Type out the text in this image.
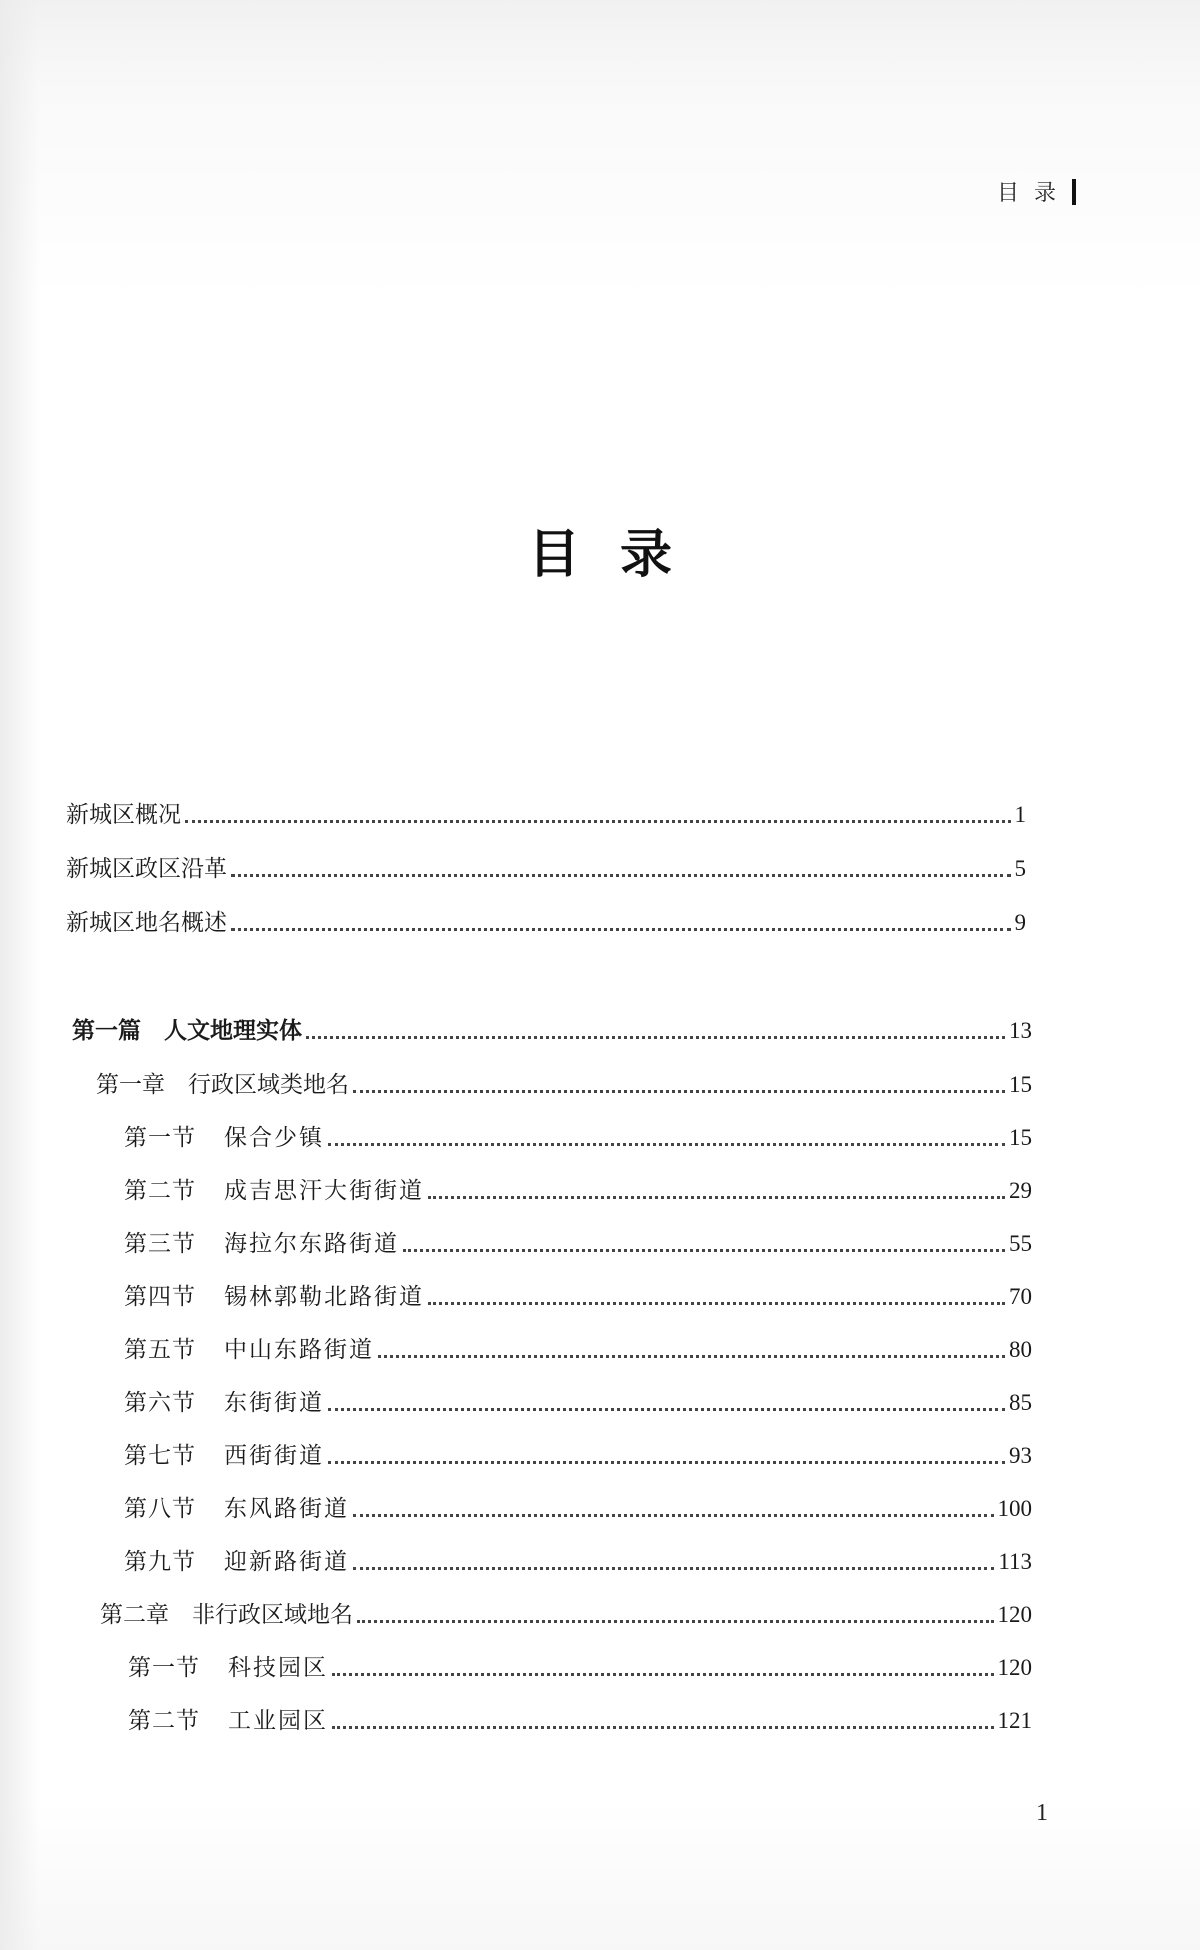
目 录
目录
新城区概况	1
新城区政区沿革	5
新城区地名概述	9
第一篇　人文地理实体	13
第一章　行政区域类地名	15
第一节 保合少镇	15
第二节 成吉思汗大街街道	29
第三节 海拉尔东路街道	55
第四节 锡林郭勒北路街道	70
第五节 中山东路街道	80
第六节 东街街道	85
第七节 西街街道	93
第八节 东风路街道	100
第九节 迎新路街道	113
第二章　非行政区域地名	120
第一节 科技园区	120
第二节 工业园区	121
1
